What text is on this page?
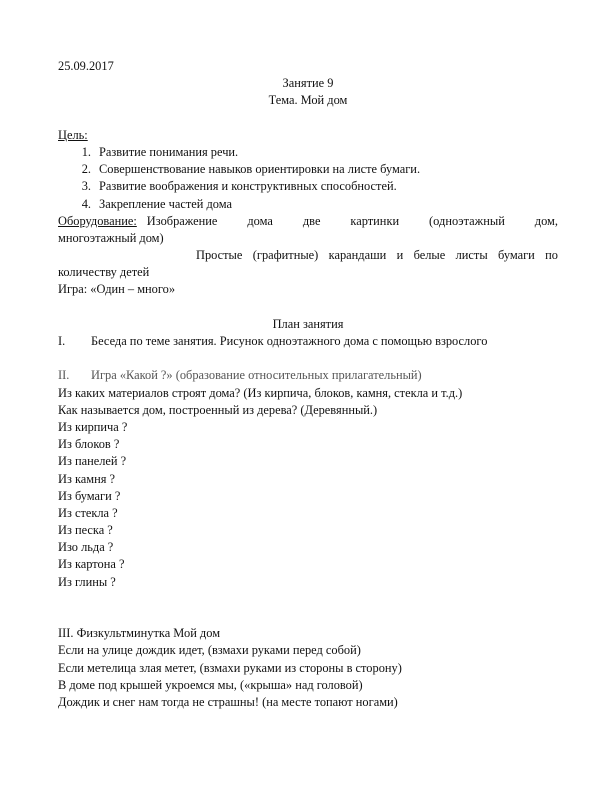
25.09.2017
Занятие 9
Тема. Мой дом
Цель:
1. Развитие понимания речи.
2. Совершенствование навыков ориентировки на листе бумаги.
3. Развитие воображения и конструктивных способностей.
4. Закрепление частей дома
Оборудование: Изображение дома две картинки (одноэтажный дом,
многоэтажный дом)
Простые (графитные) карандаши и белые листы бумаги по
количеству детей
Игра: «Один – много»
План занятия
I.	Беседа по теме занятия. Рисунок одноэтажного дома с помощью взрослого
II.	Игра «Какой ?» (образование относительных прилагательный)
Из каких материалов строят дома? (Из кирпича, блоков, камня, стекла и т.д.)
Как называется дом, построенный из дерева? (Деревянный.)
Из кирпича ?
Из блоков ?
Из панелей ?
Из камня ?
Из бумаги ?
Из стекла ?
Из песка ?
Изо льда ?
Из картона ?
Из глины ?
III. Физкультминутка Мой дом
Если на улице дождик идет, (взмахи руками перед собой)
Если метелица злая метет, (взмахи руками из стороны в сторону)
В доме под крышей укроемся мы, («крыша» над головой)
Дождик и снег нам тогда не страшны! (на месте топают ногами)
